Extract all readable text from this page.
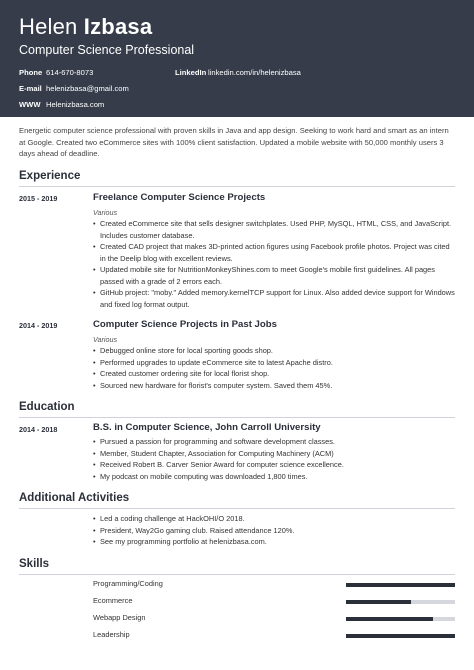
Helen Izbasa
Computer Science Professional
Phone 614-670-8073	LinkedIn linkedin.com/in/helenizbasa
E-mail helenizbasa@gmail.com
WWW Helenizbasa.com
Energetic computer science professional with proven skills in Java and app design. Seeking to work hard and smart as an intern at Google. Created two eCommerce sites with 100% client satisfaction. Updated a mobile website with 50,000 monthly users 3 days ahead of deadline.
Experience
2015 - 2019	Freelance Computer Science Projects
Various
• Created eCommerce site that sells designer switchplates. Used PHP, MySQL, HTML, CSS, and JavaScript. Includes customer database.
• Created CAD project that makes 3D-printed action figures using Facebook profile photos. Project was cited in the Deelip blog with excellent reviews.
• Updated mobile site for NutritionMonkeyShines.com to meet Google's mobile first guidelines. All pages passed with a grade of 2 errors each.
• GitHub project: "moby." Added memory.kernelTCP support for Linux. Also added device support for Windows and fixed log format output.
2014 - 2019	Computer Science Projects in Past Jobs
Various
• Debugged online store for local sporting goods shop.
• Performed upgrades to update eCommerce site to latest Apache distro.
• Created customer ordering site for local florist shop.
• Sourced new hardware for florist's computer system. Saved them 45%.
Education
2014 - 2018	B.S. in Computer Science, John Carroll University
• Pursued a passion for programming and software development classes.
• Member, Student Chapter, Association for Computing Machinery (ACM)
• Received Robert B. Carver Senior Award for computer science excellence.
• My podcast on mobile computing was downloaded 1,800 times.
Additional Activities
• Led a coding challenge at HackOHI/O 2018.
• President, Way2Go gaming club. Raised attendance 120%.
• See my programming portfolio at helenizbasa.com.
Skills
Programming/Coding
Ecommerce
Webapp Design
Leadership
